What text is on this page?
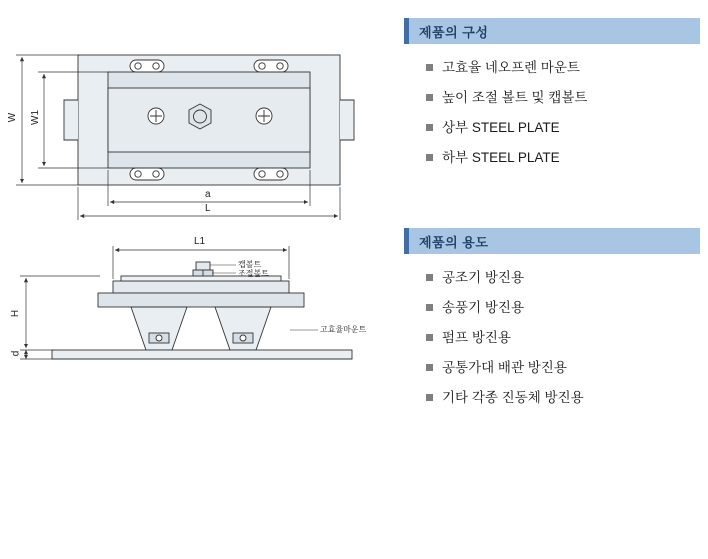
W W1
a
L
L1
H
d
캡볼트
조절볼트
고효율마운트
제품의 구성
고효율 네오프렌 마운트
높이 조절 볼트 및 캡볼트
상부 STEEL PLATE
하부 STEEL PLATE
제품의 용도
공조기 방진용
송풍기 방진용
펌프 방진용
공통가대 배관 방진용
기타 각종 진동체 방진용
